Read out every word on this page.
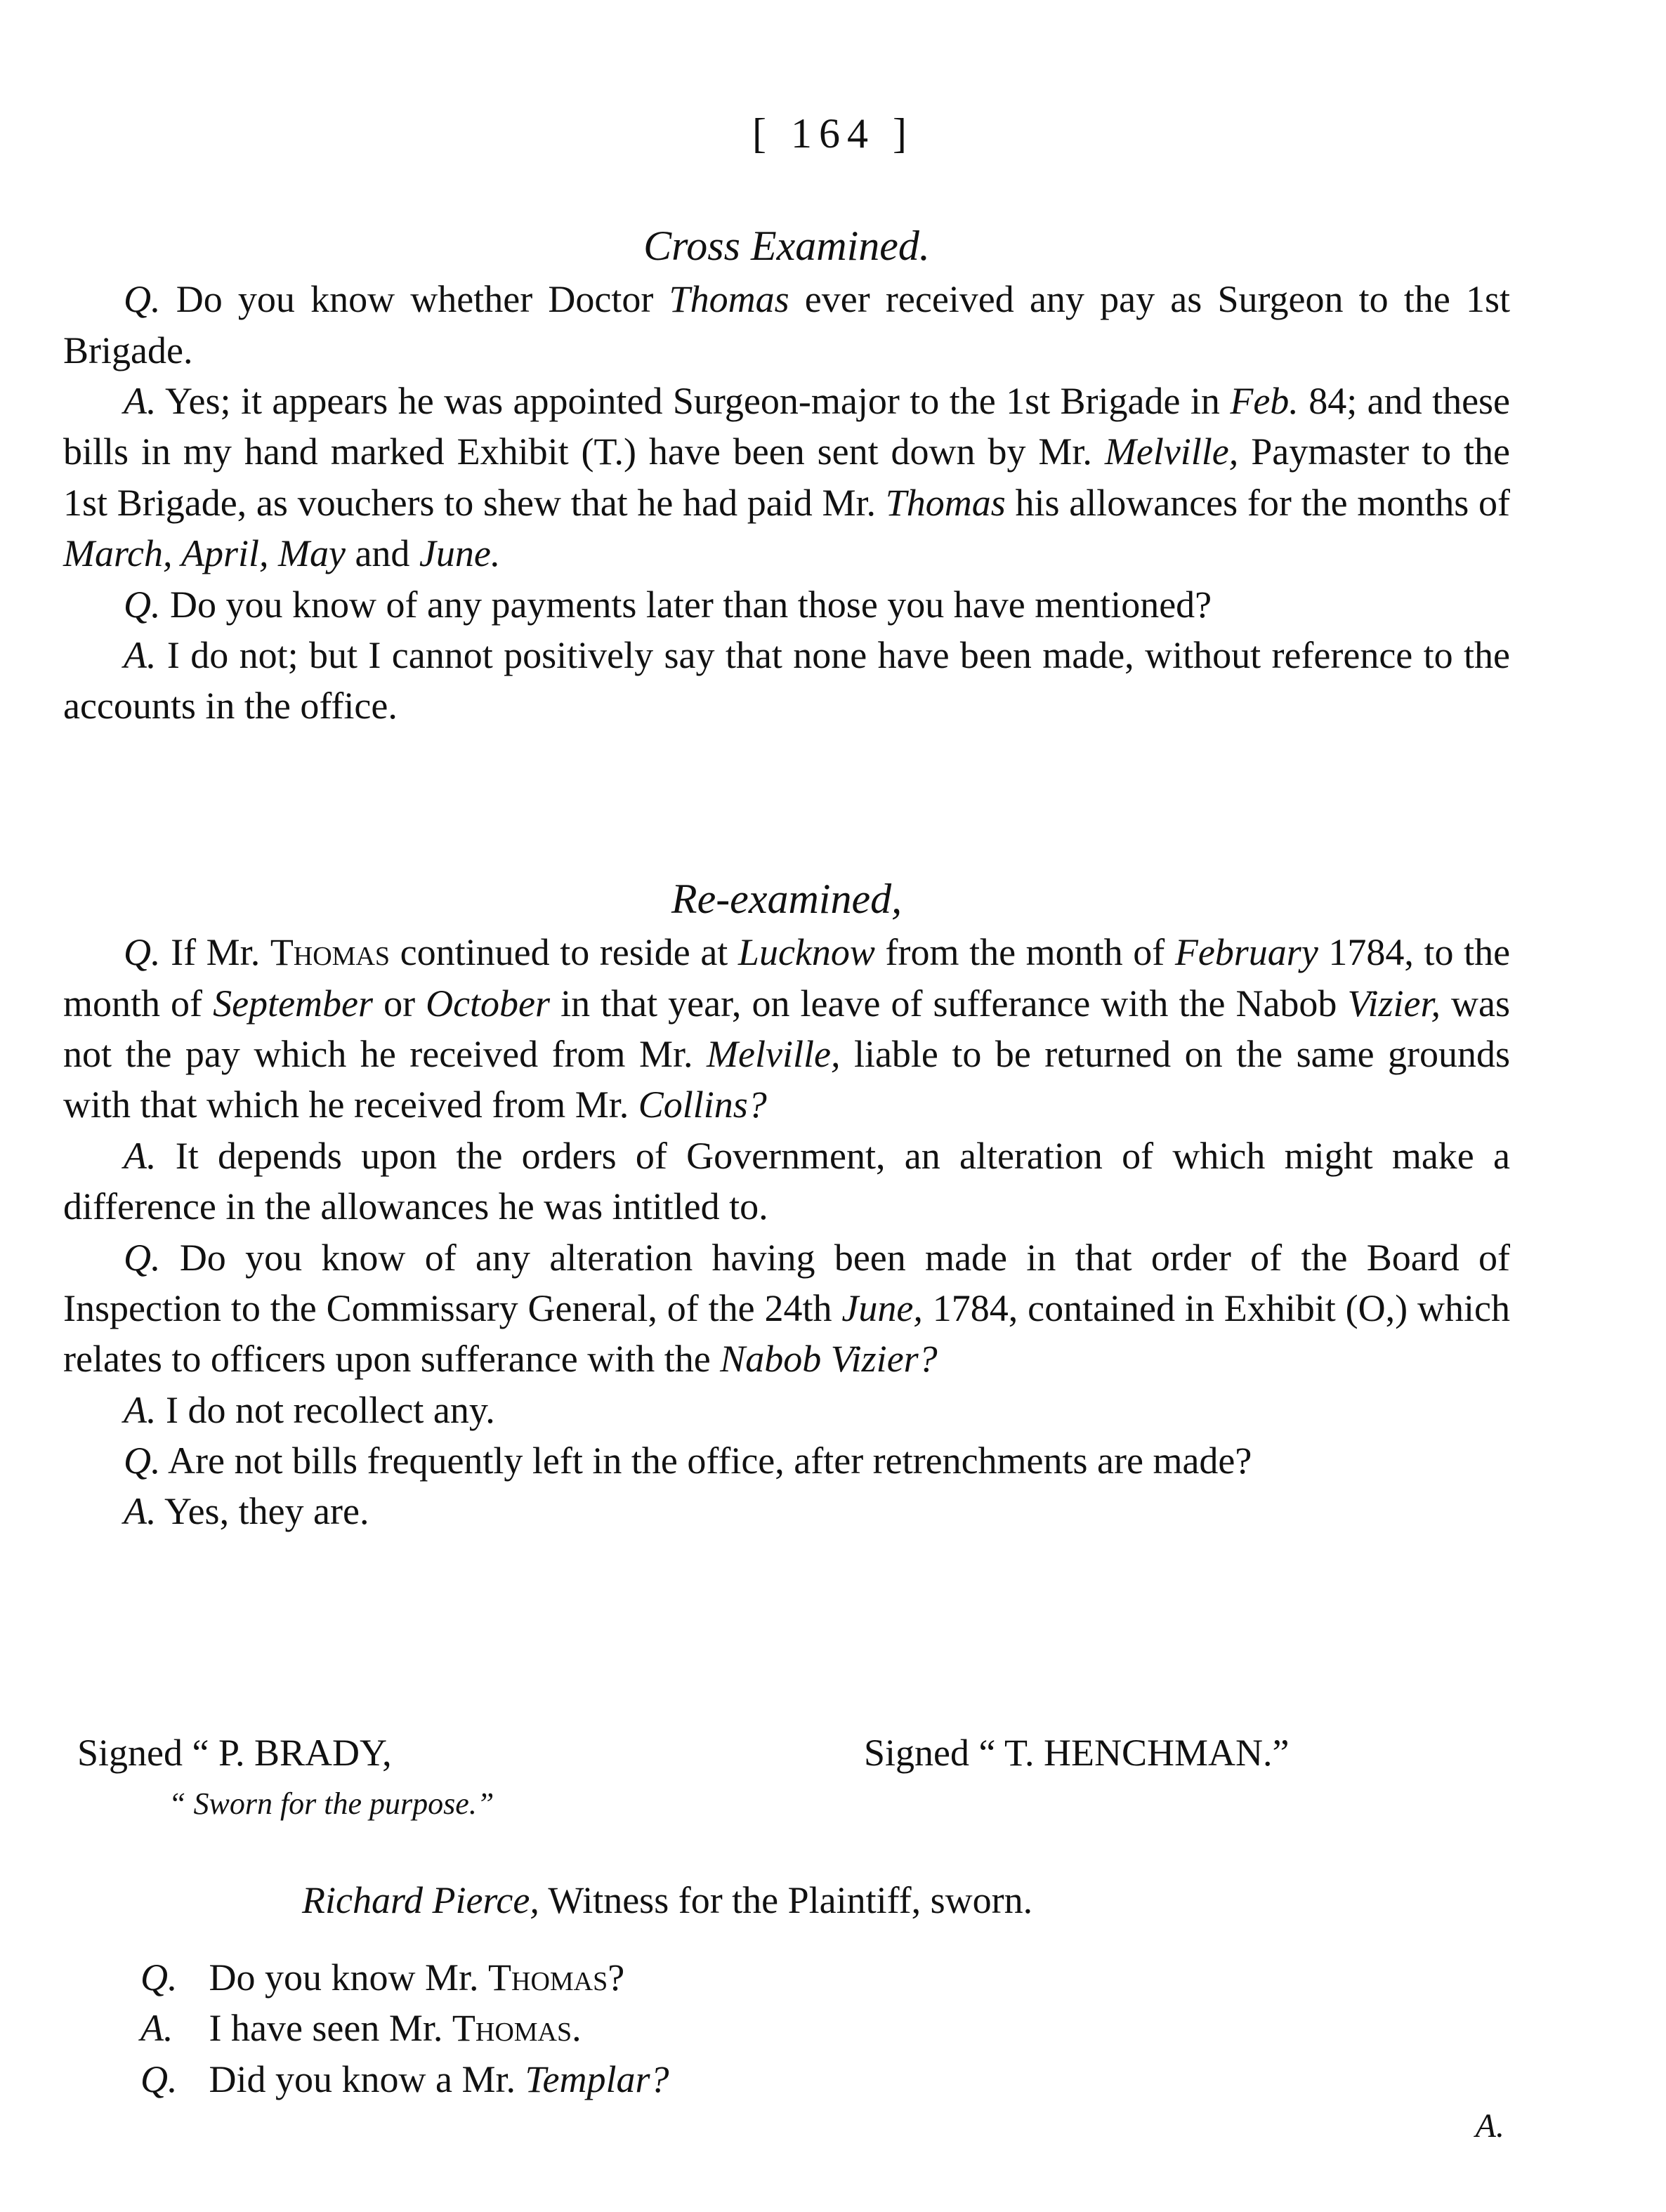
[ 164 ]
Cross Examined.

Q. Do you know whether Doctor Thomas ever received any pay as Surgeon to the 1st Brigade.

A. Yes; it appears he was appointed Surgeon-major to the 1st Brigade in Feb. 84; and these bills in my hand marked Exhibit (T.) have been sent down by Mr. Melville, Paymaster to the 1st Brigade, as vouchers to shew that he had paid Mr. Thomas his allowances for the months of March, April, May and June.

Q. Do you know of any payments later than those you have mentioned?

A. I do not; but I cannot positively say that none have been made, without reference to the accounts in the office.

Re-examined,

Q. If Mr. Thomas continued to reside at Lucknow from the month of February 1784, to the month of September or October in that year, on leave of sufferance with the Nabob Vizier, was not the pay which he received from Mr. Melville, liable to be returned on the same grounds with that which he received from Mr. Collins?

A. It depends upon the orders of Government, an alteration of which might make a difference in the allowances he was intitled to.

Q. Do you know of any alteration having been made in that order of the Board of Inspection to the Commissary General, of the 24th June, 1784, contained in Exhibit (O,) which relates to officers upon sufferance with the Nabob Vizier?

A. I do not recollect any.

Q. Are not bills frequently left in the office, after retrenchments are made?

A. Yes, they are.

Signed “ P. BRADY,
“ Sworn for the purpose.”
Signed “ T. HENCHMAN.”
Richard Pierce, Witness for the Plaintiff, sworn.
Q. Do you know Mr. Thomas?
A. I have seen Mr. Thomas.
Q. Did you know a Mr. Templar?
A.
